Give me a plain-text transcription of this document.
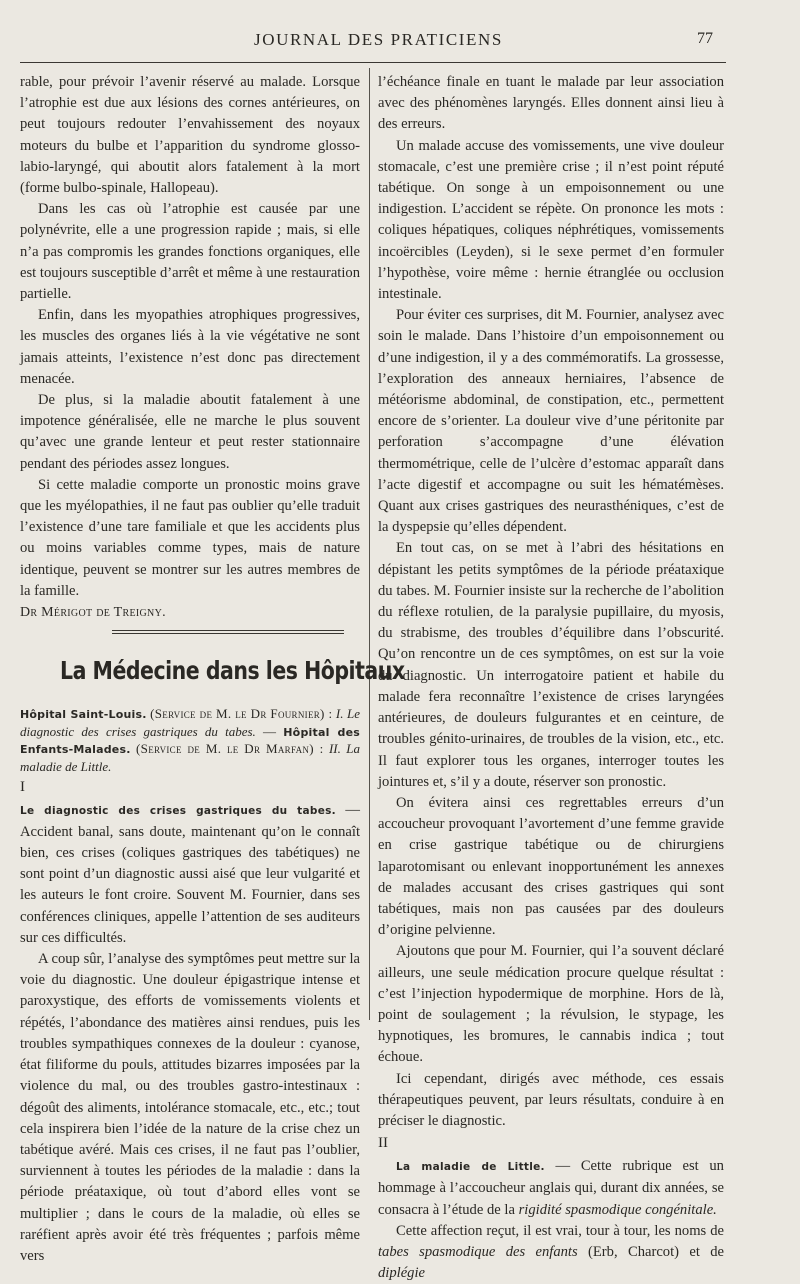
JOURNAL DES PRATICIENS	77

rable, pour prévoir l’avenir réservé au malade. Lorsque l’atrophie est due aux lésions des cornes antérieures, on peut toujours redouter l’envahissement des noyaux moteurs du bulbe et l’apparition du syndrome glosso-labio-laryngé, qui aboutit alors fatalement à la mort (forme bulbo-spinale, Hallopeau).

Dans les cas où l’atrophie est causée par une polynévrite, elle a une progression rapide ; mais, si elle n’a pas compromis les grandes fonctions organiques, elle est toujours susceptible d’arrêt et même à une restauration partielle.

Enfin, dans les myopathies atrophiques progressives, les muscles des organes liés à la vie végétative ne sont jamais atteints, l’existence n’est donc pas directement menacée.

De plus, si la maladie aboutit fatalement à une impotence généralisée, elle ne marche le plus souvent qu’avec une grande lenteur et peut rester stationnaire pendant des périodes assez longues.

Si cette maladie comporte un pronostic moins grave que les myélopathies, il ne faut pas oublier qu’elle traduit l’existence d’une tare familiale et que les accidents plus ou moins variables comme types, mais de nature identique, peuvent se montrer sur les autres membres de la famille.

Dr Mérigot de Treigny.

La Médecine dans les Hôpitaux

Hôpital Saint-Louis. (Service de M. le Dr Fournier) : I. Le diagnostic des crises gastriques du tabes. — Hôpital des Enfants-Malades. (Service de M. le Dr Marfan) : II. La maladie de Little.

I

Le diagnostic des crises gastriques du tabes. — Accident banal, sans doute, maintenant qu’on le connaît bien, ces crises (coliques gastriques des tabétiques) ne sont point d’un diagnostic aussi aisé que leur vulgarité et les auteurs le font croire. Souvent M. Fournier, dans ses conférences cliniques, appelle l’attention de ses auditeurs sur ces difficultés.

A coup sûr, l’analyse des symptômes peut mettre sur la voie du diagnostic. Une douleur épigastrique intense et paroxystique, des efforts de vomissements violents et répétés, l’abondance des matières ainsi rendues, puis les troubles sympathiques connexes de la douleur : cyanose, état filiforme du pouls, attitudes bizarres imposées par la violence du mal, ou des troubles gastro-intestinaux : dégoût des aliments, intolérance stomacale, etc., etc.; tout cela inspirera bien l’idée de la nature de la crise chez un tabétique avéré. Mais ces crises, il ne faut pas l’oublier, surviennent à toutes les périodes de la maladie : dans la période préataxique, où tout d’abord elles vont se multiplier ; dans le cours de la maladie, où elles se raréfient après avoir été très fréquentes ; parfois même vers

l’échéance finale en tuant le malade par leur association avec des phénomènes laryngés. Elles donnent ainsi lieu à des erreurs.

Un malade accuse des vomissements, une vive douleur stomacale, c’est une première crise ; il n’est point réputé tabétique. On songe à un empoisonnement ou une indigestion. L’accident se répète. On prononce les mots : coliques hépatiques, coliques néphrétiques, vomissements incoërcibles (Leyden), si le sexe permet d’en formuler l’hypothèse, voire même : hernie étranglée ou occlusion intestinale.

Pour éviter ces surprises, dit M. Fournier, analysez avec soin le malade. Dans l’histoire d’un empoisonnement ou d’une indigestion, il y a des commémoratifs. La grossesse, l’exploration des anneaux herniaires, l’absence de météorisme abdominal, de constipation, etc., permettent encore de s’orienter. La douleur vive d’une péritonite par perforation s’accompagne d’une élévation thermométrique, celle de l’ulcère d’estomac apparaît dans l’acte digestif et accompagne ou suit les hématémèses. Quant aux crises gastriques des neurasthéniques, c’est de la dyspepsie qu’elles dépendent.

En tout cas, on se met à l’abri des hésitations en dépistant les petits symptômes de la période préataxique du tabes. M. Fournier insiste sur la recherche de l’abolition du réflexe rotulien, de la paralysie pupillaire, du myosis, du strabisme, des troubles d’équilibre dans l’obscurité. Qu’on rencontre un de ces symptômes, on est sur la voie du diagnostic. Un interrogatoire patient et habile du malade fera reconnaître l’existence de crises laryngées antérieures, de douleurs fulgurantes et en ceinture, de troubles génito-urinaires, de troubles de la vision, etc., etc. Il faut explorer tous les organes, interroger toutes les jointures et, s’il y a doute, réserver son pronostic.

On évitera ainsi ces regrettables erreurs d’un accoucheur provoquant l’avortement d’une femme gravide en crise gastrique tabétique ou de chirurgiens laparotomisant ou enlevant inopportunément les annexes de malades accusant des crises gastriques qui sont tabétiques, mais non pas causées par des douleurs d’origine pelvienne.

Ajoutons que pour M. Fournier, qui l’a souvent déclaré ailleurs, une seule médication procure quelque résultat : c’est l’injection hypodermique de morphine. Hors de là, point de soulagement ; la révulsion, le stypage, les hypnotiques, les bromures, le cannabis indica ; tout échoue.

Ici cependant, dirigés avec méthode, ces essais thérapeutiques peuvent, par leurs résultats, conduire à en préciser le diagnostic.

II

La maladie de Little. — Cette rubrique est un hommage à l’accoucheur anglais qui, durant dix années, se consacra à l’étude de la rigidité spasmodique congénitale.

Cette affection reçut, il est vrai, tour à tour, les noms de tabes spasmodique des enfants (Erb, Charcot) et de diplégie
